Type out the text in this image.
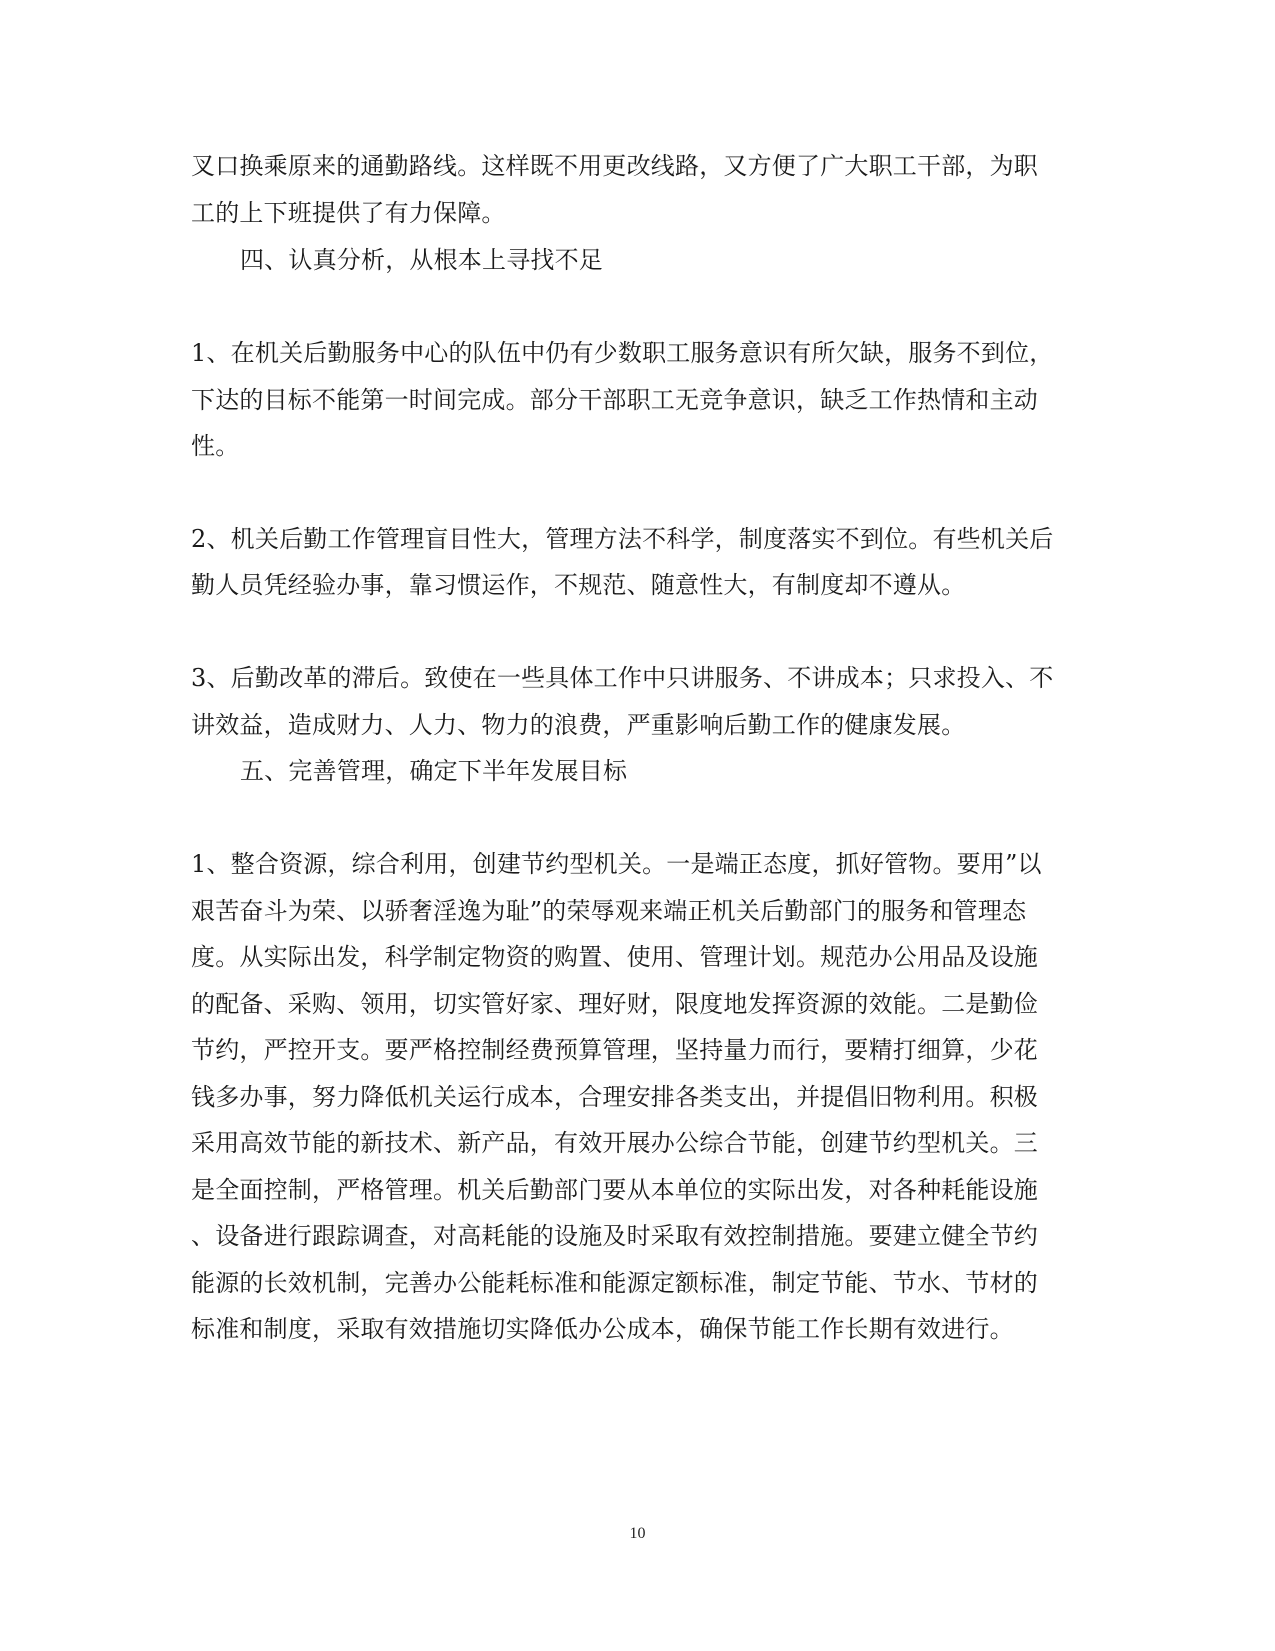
叉口换乘原来的通勤路线。这样既不用更改线路，又方便了广大职工干部，为职
工的上下班提供了有力保障。
四、认真分析，从根本上寻找不足
1、在机关后勤服务中心的队伍中仍有少数职工服务意识有所欠缺，服务不到位，
下达的目标不能第一时间完成。部分干部职工无竞争意识，缺乏工作热情和主动
性。
2、机关后勤工作管理盲目性大，管理方法不科学，制度落实不到位。有些机关后
勤人员凭经验办事，靠习惯运作，不规范、随意性大，有制度却不遵从。
3、后勤改革的滞后。致使在一些具体工作中只讲服务、不讲成本；只求投入、不
讲效益，造成财力、人力、物力的浪费，严重影响后勤工作的健康发展。
五、完善管理，确定下半年发展目标
1、整合资源，综合利用，创建节约型机关。一是端正态度，抓好管物。要用”以
艰苦奋斗为荣、以骄奢淫逸为耻”的荣辱观来端正机关后勤部门的服务和管理态
度。从实际出发，科学制定物资的购置、使用、管理计划。规范办公用品及设施
的配备、采购、领用，切实管好家、理好财，限度地发挥资源的效能。二是勤俭
节约，严控开支。要严格控制经费预算管理，坚持量力而行，要精打细算，少花
钱多办事，努力降低机关运行成本，合理安排各类支出，并提倡旧物利用。积极
采用高效节能的新技术、新产品，有效开展办公综合节能，创建节约型机关。三
是全面控制，严格管理。机关后勤部门要从本单位的实际出发，对各种耗能设施
、设备进行跟踪调查，对高耗能的设施及时采取有效控制措施。要建立健全节约
能源的长效机制，完善办公能耗标准和能源定额标准，制定节能、节水、节材的
标准和制度，采取有效措施切实降低办公成本，确保节能工作长期有效进行。
10
